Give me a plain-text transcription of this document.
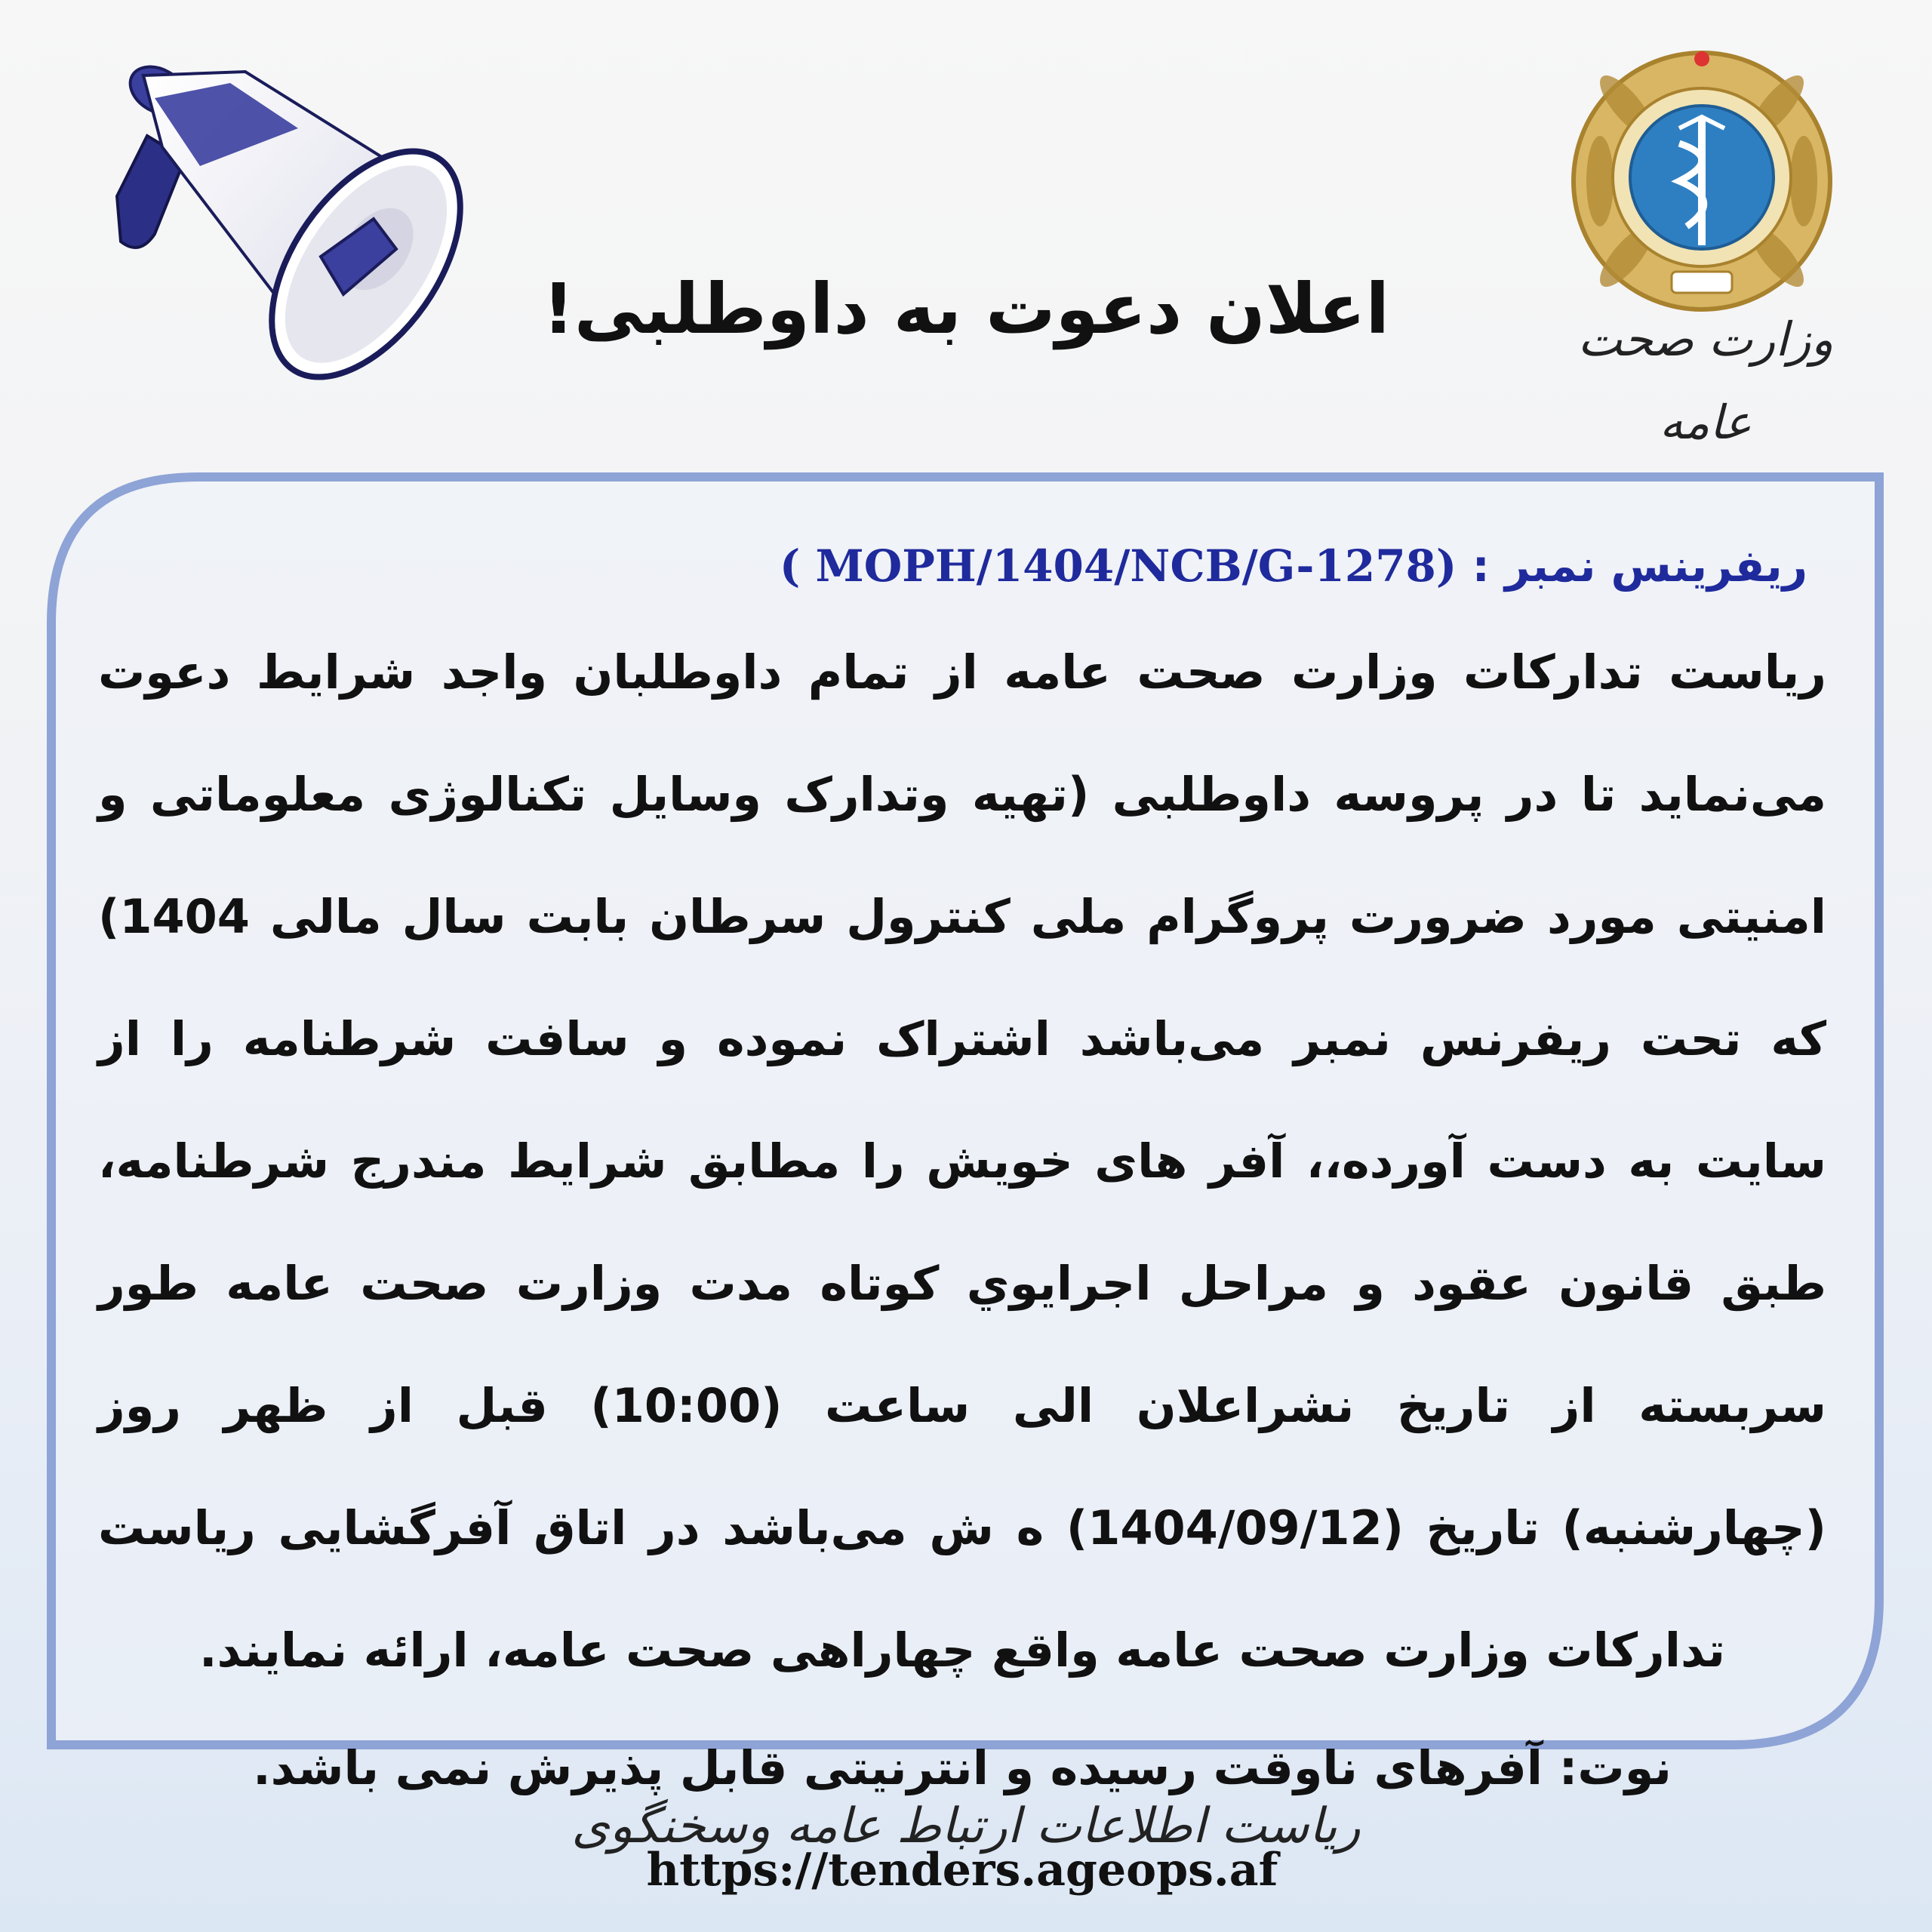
وزارت صحت عامه
اعلان دعوت به داوطلبی!
ریفرینس نمبر : ( MOPH/1404/NCB/G-1278)

ریاست تدارکات وزارت صحت عامه از تمام داوطلبان واجد شرایط دعوت می‌نماید تا در پروسه داوطلبی (تهیه وتدارک وسایل تکنالوژی معلوماتی و امنیتی مورد ضرورت پروگرام ملی کنترول سرطان بابت سال مالی 1404) که تحت ریفرنس نمبر می‌باشد اشتراک نموده و سافت شرطنامه را از سایت به دست آورده،، آفر های خویش را مطابق شرایط مندرج شرطنامه، طبق قانون عقود و مراحل اجرایوي کوتاه مدت وزارت صحت عامه طور سربسته از تاریخ نشراعلان الی ساعت (10:00) قبل از ظهر روز (چهارشنبه) تاریخ (1404/09/12) ه ش می‌باشد در اتاق آفرگشایی ریاست تدارکات وزارت صحت عامه واقع چهاراهی صحت عامه، ارائه نمایند.

نوت: آفرهای ناوقت رسیده و انترنیتی قابل پذیرش نمی باشد.
https://tenders.ageops.af
ریاست اطلاعات ارتباط عامه وسخنگوی
